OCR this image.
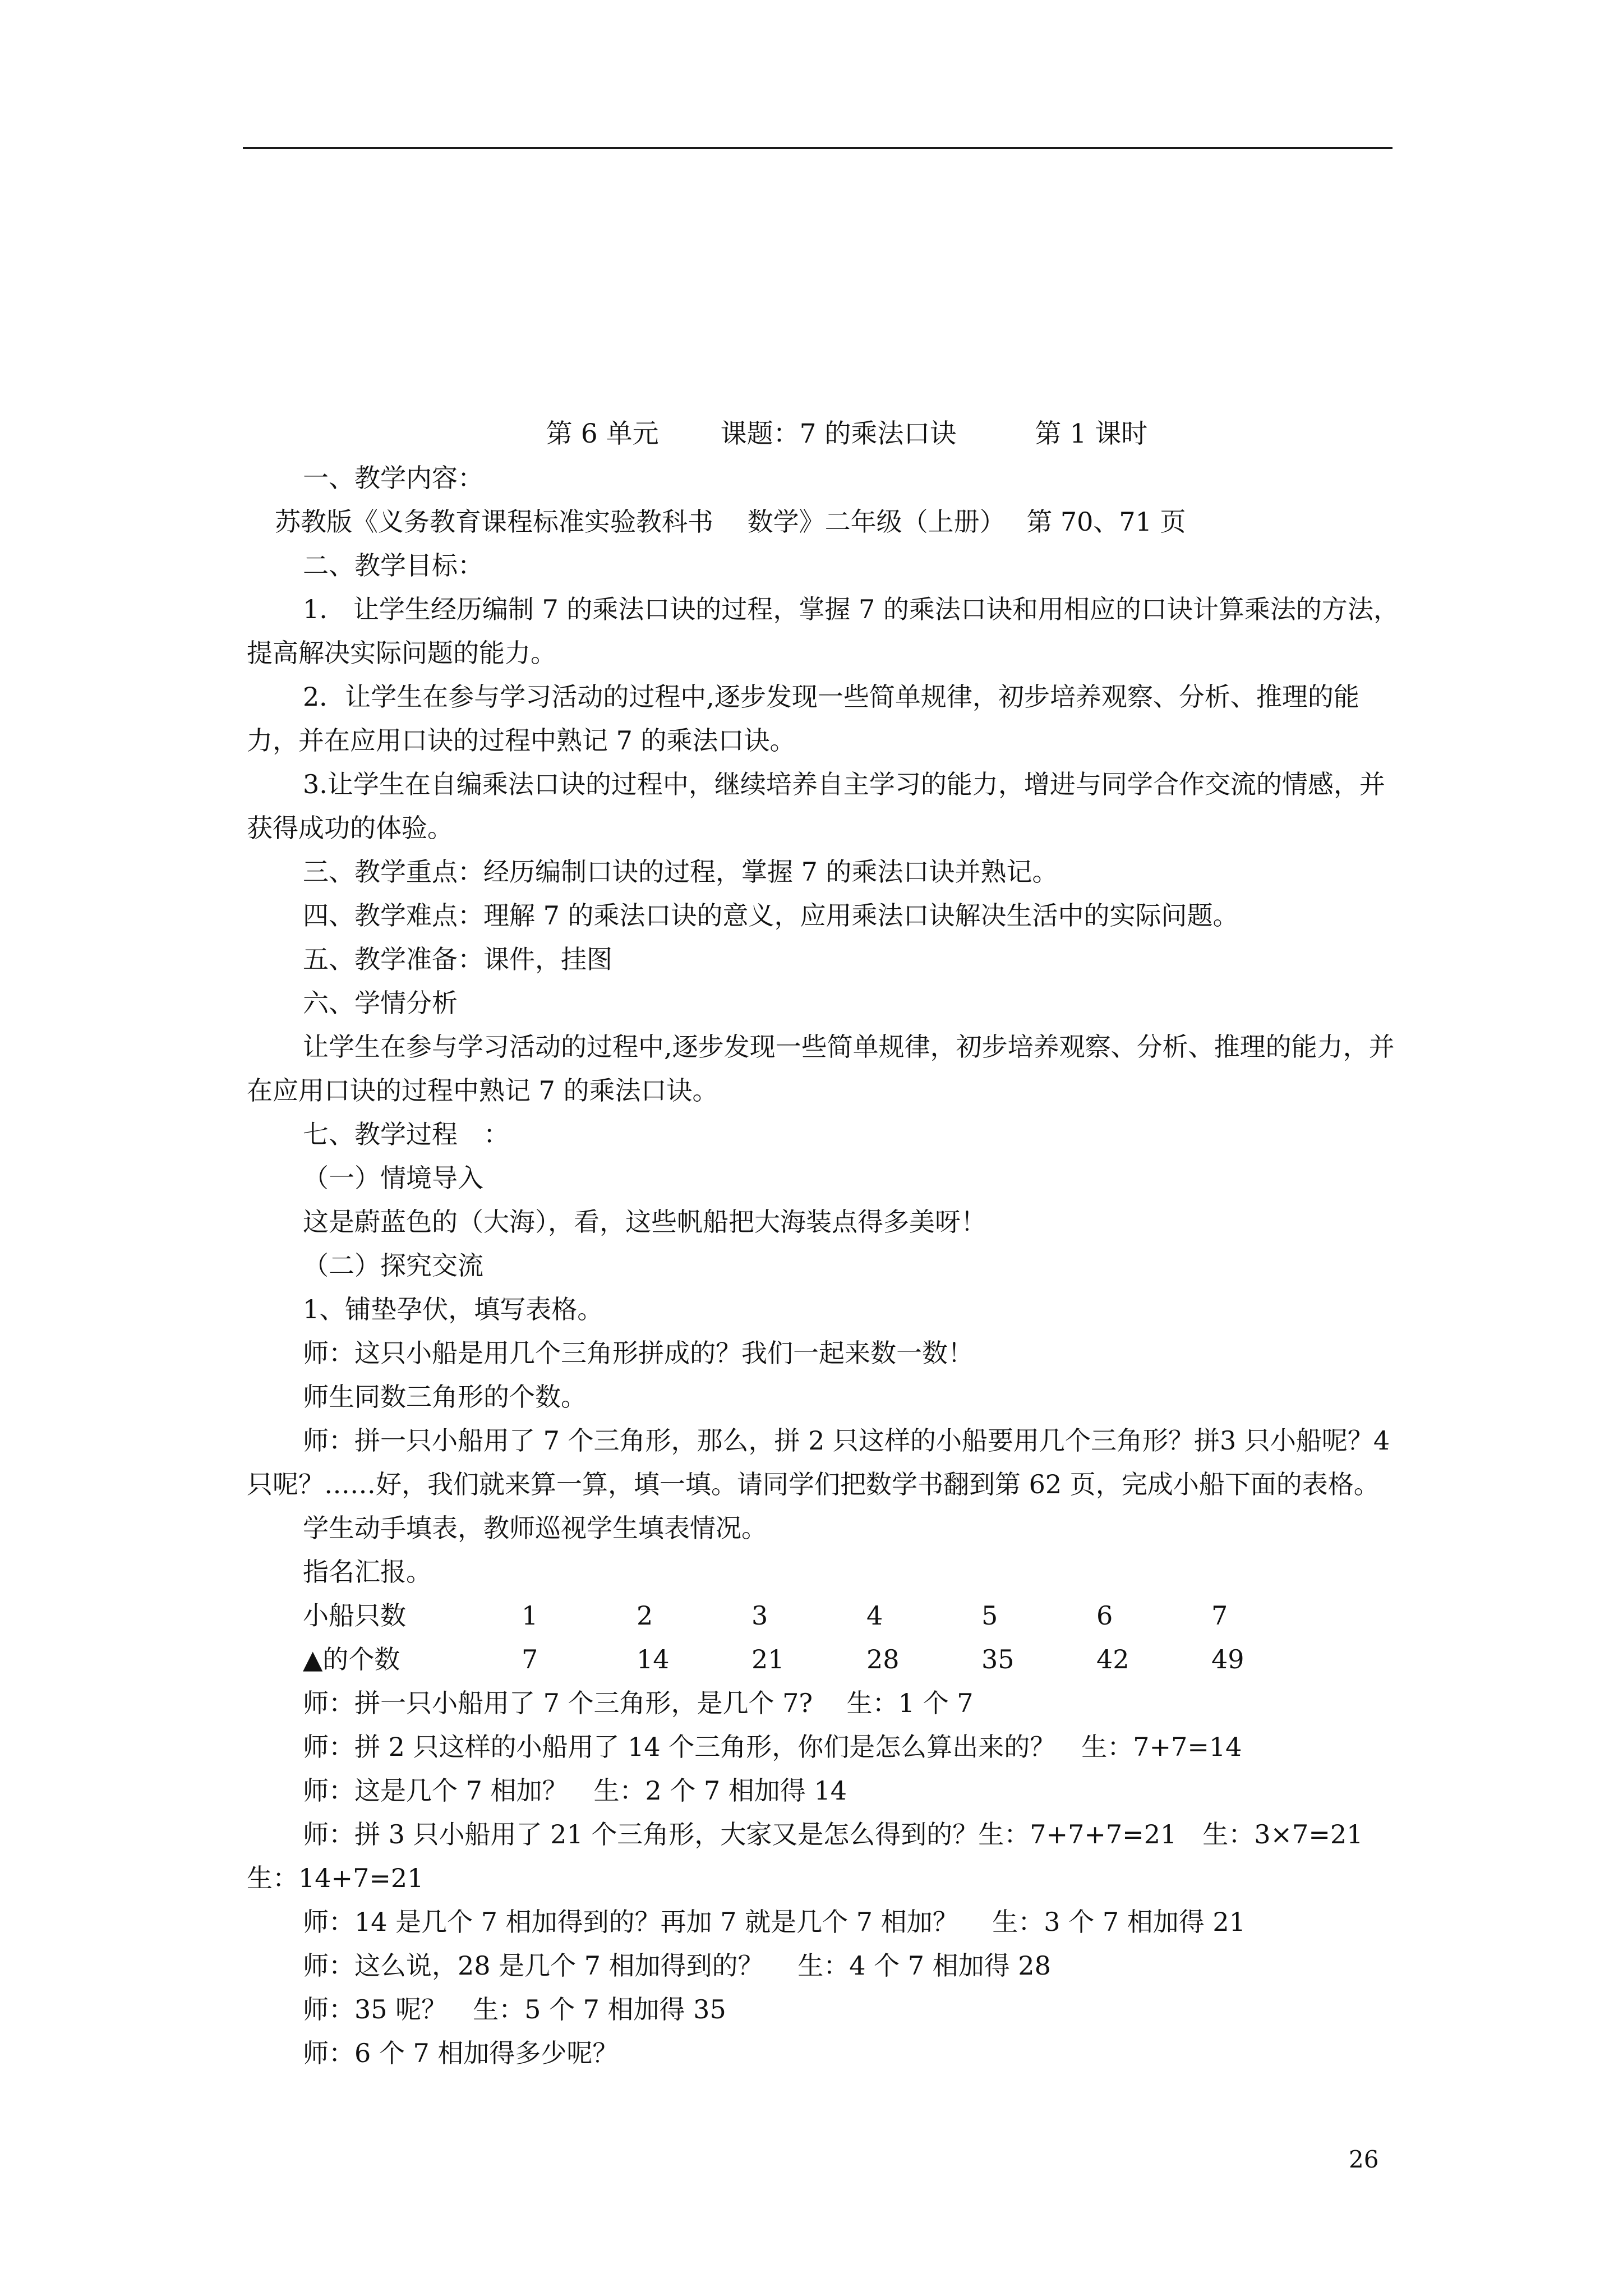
第 6 单元 课题：7 的乘法口诀	第 1 课时

一、教学内容：

苏教版《义务教育课程标准实验教科书　 数学》二年级（上册）　 第 70、71 页

二、教学目标：

1.　让学生经历编制 7 的乘法口诀的过程，掌握 7 的乘法口诀和用相应的口诀计算乘法的方法，提高解决实际问题的能力。

2．让学生在参与学习活动的过程中,逐步发现一些简单规律，初步培养观察、分析、推理的能力，并在应用口诀的过程中熟记 7 的乘法口诀。

3.让学生在自编乘法口诀的过程中，继续培养自主学习的能力，增进与同学合作交流的情感，并获得成功的体验。

三、教学重点：经历编制口诀的过程，掌握 7 的乘法口诀并熟记。

四、教学难点：理解 7 的乘法口诀的意义，应用乘法口诀解决生活中的实际问题。

五、教学准备：课件，挂图

六、学情分析

让学生在参与学习活动的过程中,逐步发现一些简单规律，初步培养观察、分析、推理的能力，并在应用口诀的过程中熟记 7 的乘法口诀。

七、教学过程　：

（一）情境导入

这是蔚蓝色的（大海），看，这些帆船把大海装点得多美呀！

（二）探究交流

1、铺垫孕伏，填写表格。

师：这只小船是用几个三角形拼成的？我们一起来数一数！

师生同数三角形的个数。

师：拼一只小船用了 7 个三角形，那么，拼 2 只这样的小船要用几个三角形？拼3 只小船呢？4 只呢？……好，我们就来算一算，填一填。请同学们把数学书翻到第 62 页，完成小船下面的表格。

学生动手填表，教师巡视学生填表情况。

指名汇报。

小船只数	1	2	3	4	5	6	7
▲的个数	7	14	21	28	35	42	49

师：拼一只小船用了 7 个三角形，是几个 7?　 生：1 个 7

师：拼 2 只这样的小船用了 14 个三角形，你们是怎么算出来的？　生：7+7=14

师：这是几个 7 相加？　生：2 个 7 相加得 14

师：拼 3 只小船用了 21 个三角形，大家又是怎么得到的？生：7+7+7=21　生：3×7=21

生：14+7=21

师：14 是几个 7 相加得到的？再加 7 就是几个 7 相加？　 生：3 个 7 相加得 21

师：这么说，28 是几个 7 相加得到的？　 生：4 个 7 相加得 28

师：35 呢？　生：5 个 7 相加得 35

师：6 个 7 相加得多少呢？

26
